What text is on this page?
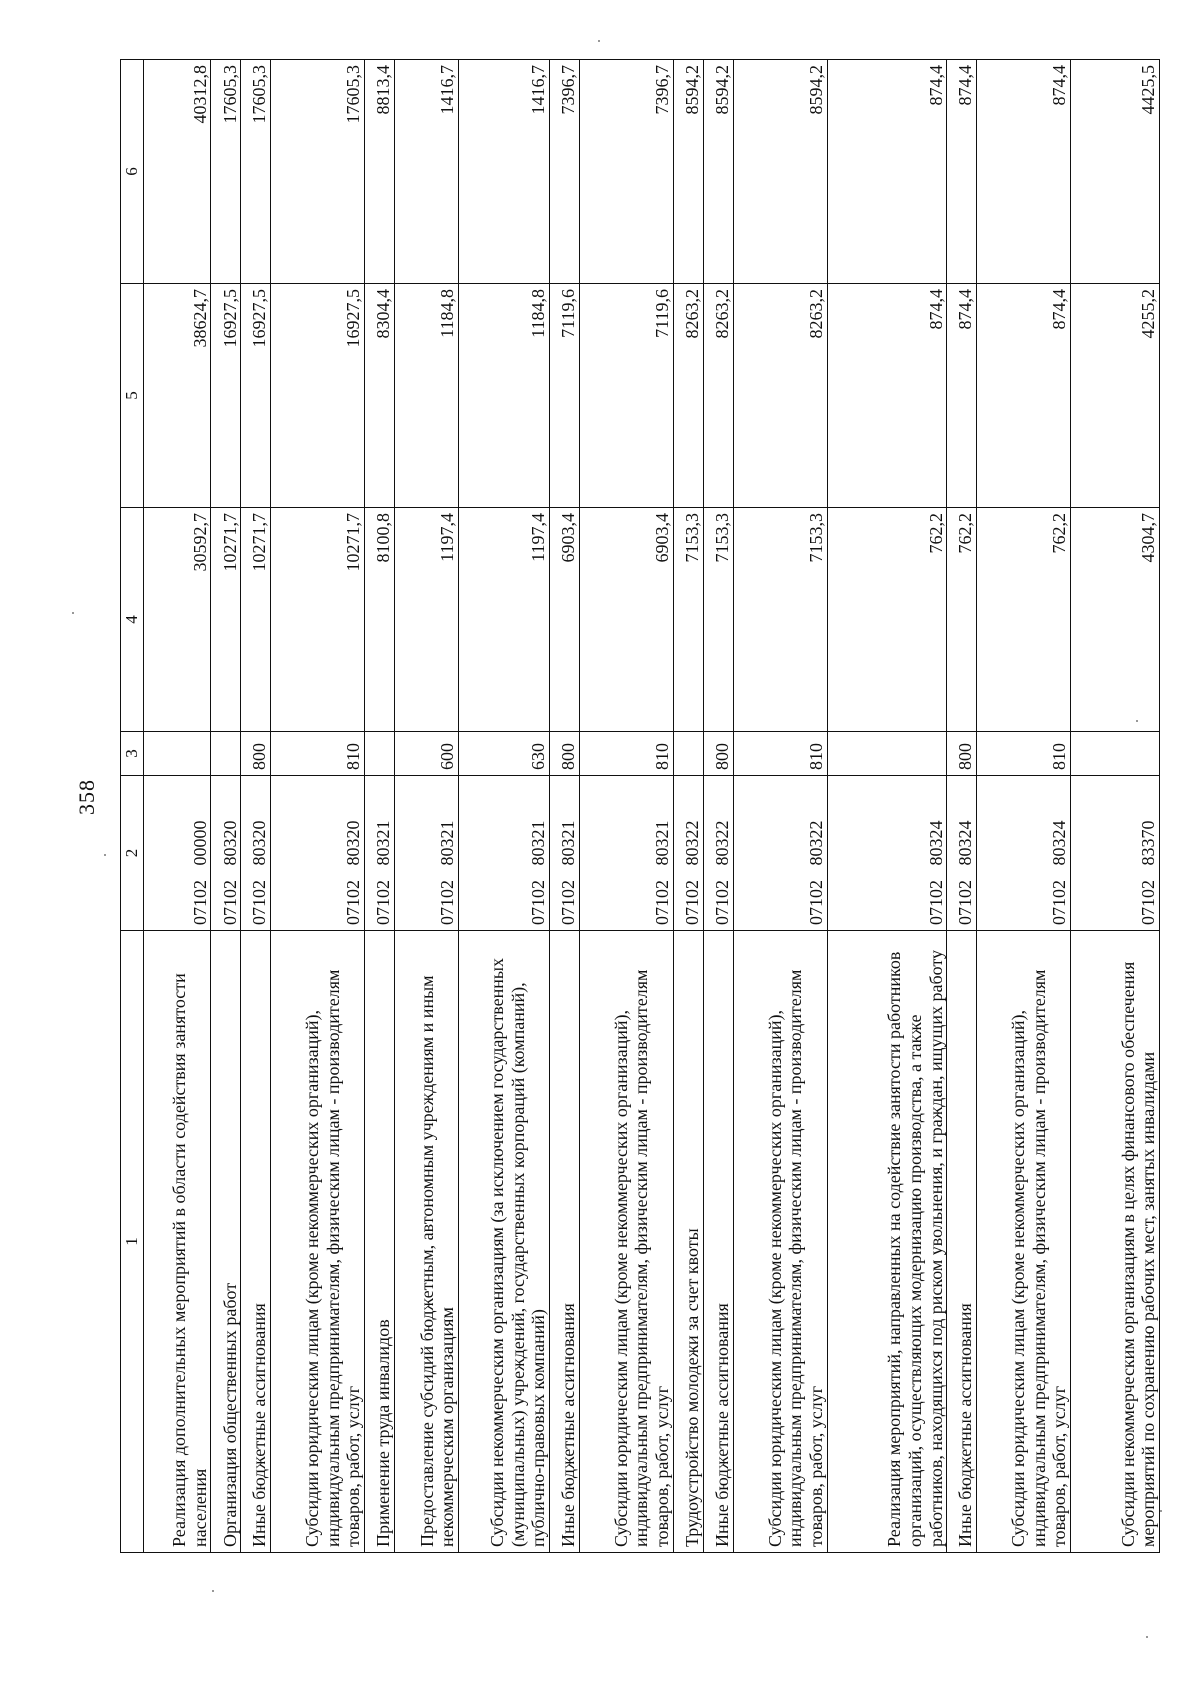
358
1	2	3	4	5	6
Реализация дополнительных мероприятий в области содействия занятости населения	07102 00000		30592,7	38624,7	40312,8
Организация общественных работ	07102 80320		10271,7	16927,5	17605,3
Иные бюджетные ассигнования	07102 80320	800	10271,7	16927,5	17605,3
Субсидии юридическим лицам (кроме некоммерческих организаций), индивидуальным предпринимателям, физическим лицам - производителям товаров, работ, услуг	07102 80320	810	10271,7	16927,5	17605,3
Применение труда инвалидов	07102 80321		8100,8	8304,4	8813,4
Предоставление субсидий бюджетным, автономным учреждениям и иным некоммерческим организациям	07102 80321	600	1197,4	1184,8	1416,7
Субсидии некоммерческим организациям (за исключением государственных (муниципальных) учреждений, государственных корпораций (компаний), публично-правовых компаний)	07102 80321	630	1197,4	1184,8	1416,7
Иные бюджетные ассигнования	07102 80321	800	6903,4	7119,6	7396,7
Субсидии юридическим лицам (кроме некоммерческих организаций), индивидуальным предпринимателям, физическим лицам - производителям товаров, работ, услуг	07102 80321	810	6903,4	7119,6	7396,7
Трудоустройство молодежи за счет квоты	07102 80322		7153,3	8263,2	8594,2
Иные бюджетные ассигнования	07102 80322	800	7153,3	8263,2	8594,2
Субсидии юридическим лицам (кроме некоммерческих организаций), индивидуальным предпринимателям, физическим лицам - производителям товаров, работ, услуг	07102 80322	810	7153,3	8263,2	8594,2
Реализация мероприятий, направленных на содействие занятости работников организаций, осуществляющих модернизацию производства, а также работников, находящихся под риском увольнения, и граждан, ищущих работу	07102 80324		762,2	874,4	874,4
Иные бюджетные ассигнования	07102 80324	800	762,2	874,4	874,4
Субсидии юридическим лицам (кроме некоммерческих организаций), индивидуальным предпринимателям, физическим лицам - производителям товаров, работ, услуг	07102 80324	810	762,2	874,4	874,4
Субсидии некоммерческим организациям в целях финансового обеспечения мероприятий по сохранению рабочих мест, занятых инвалидами	07102 83370		4304,7	4255,2	4425,5
